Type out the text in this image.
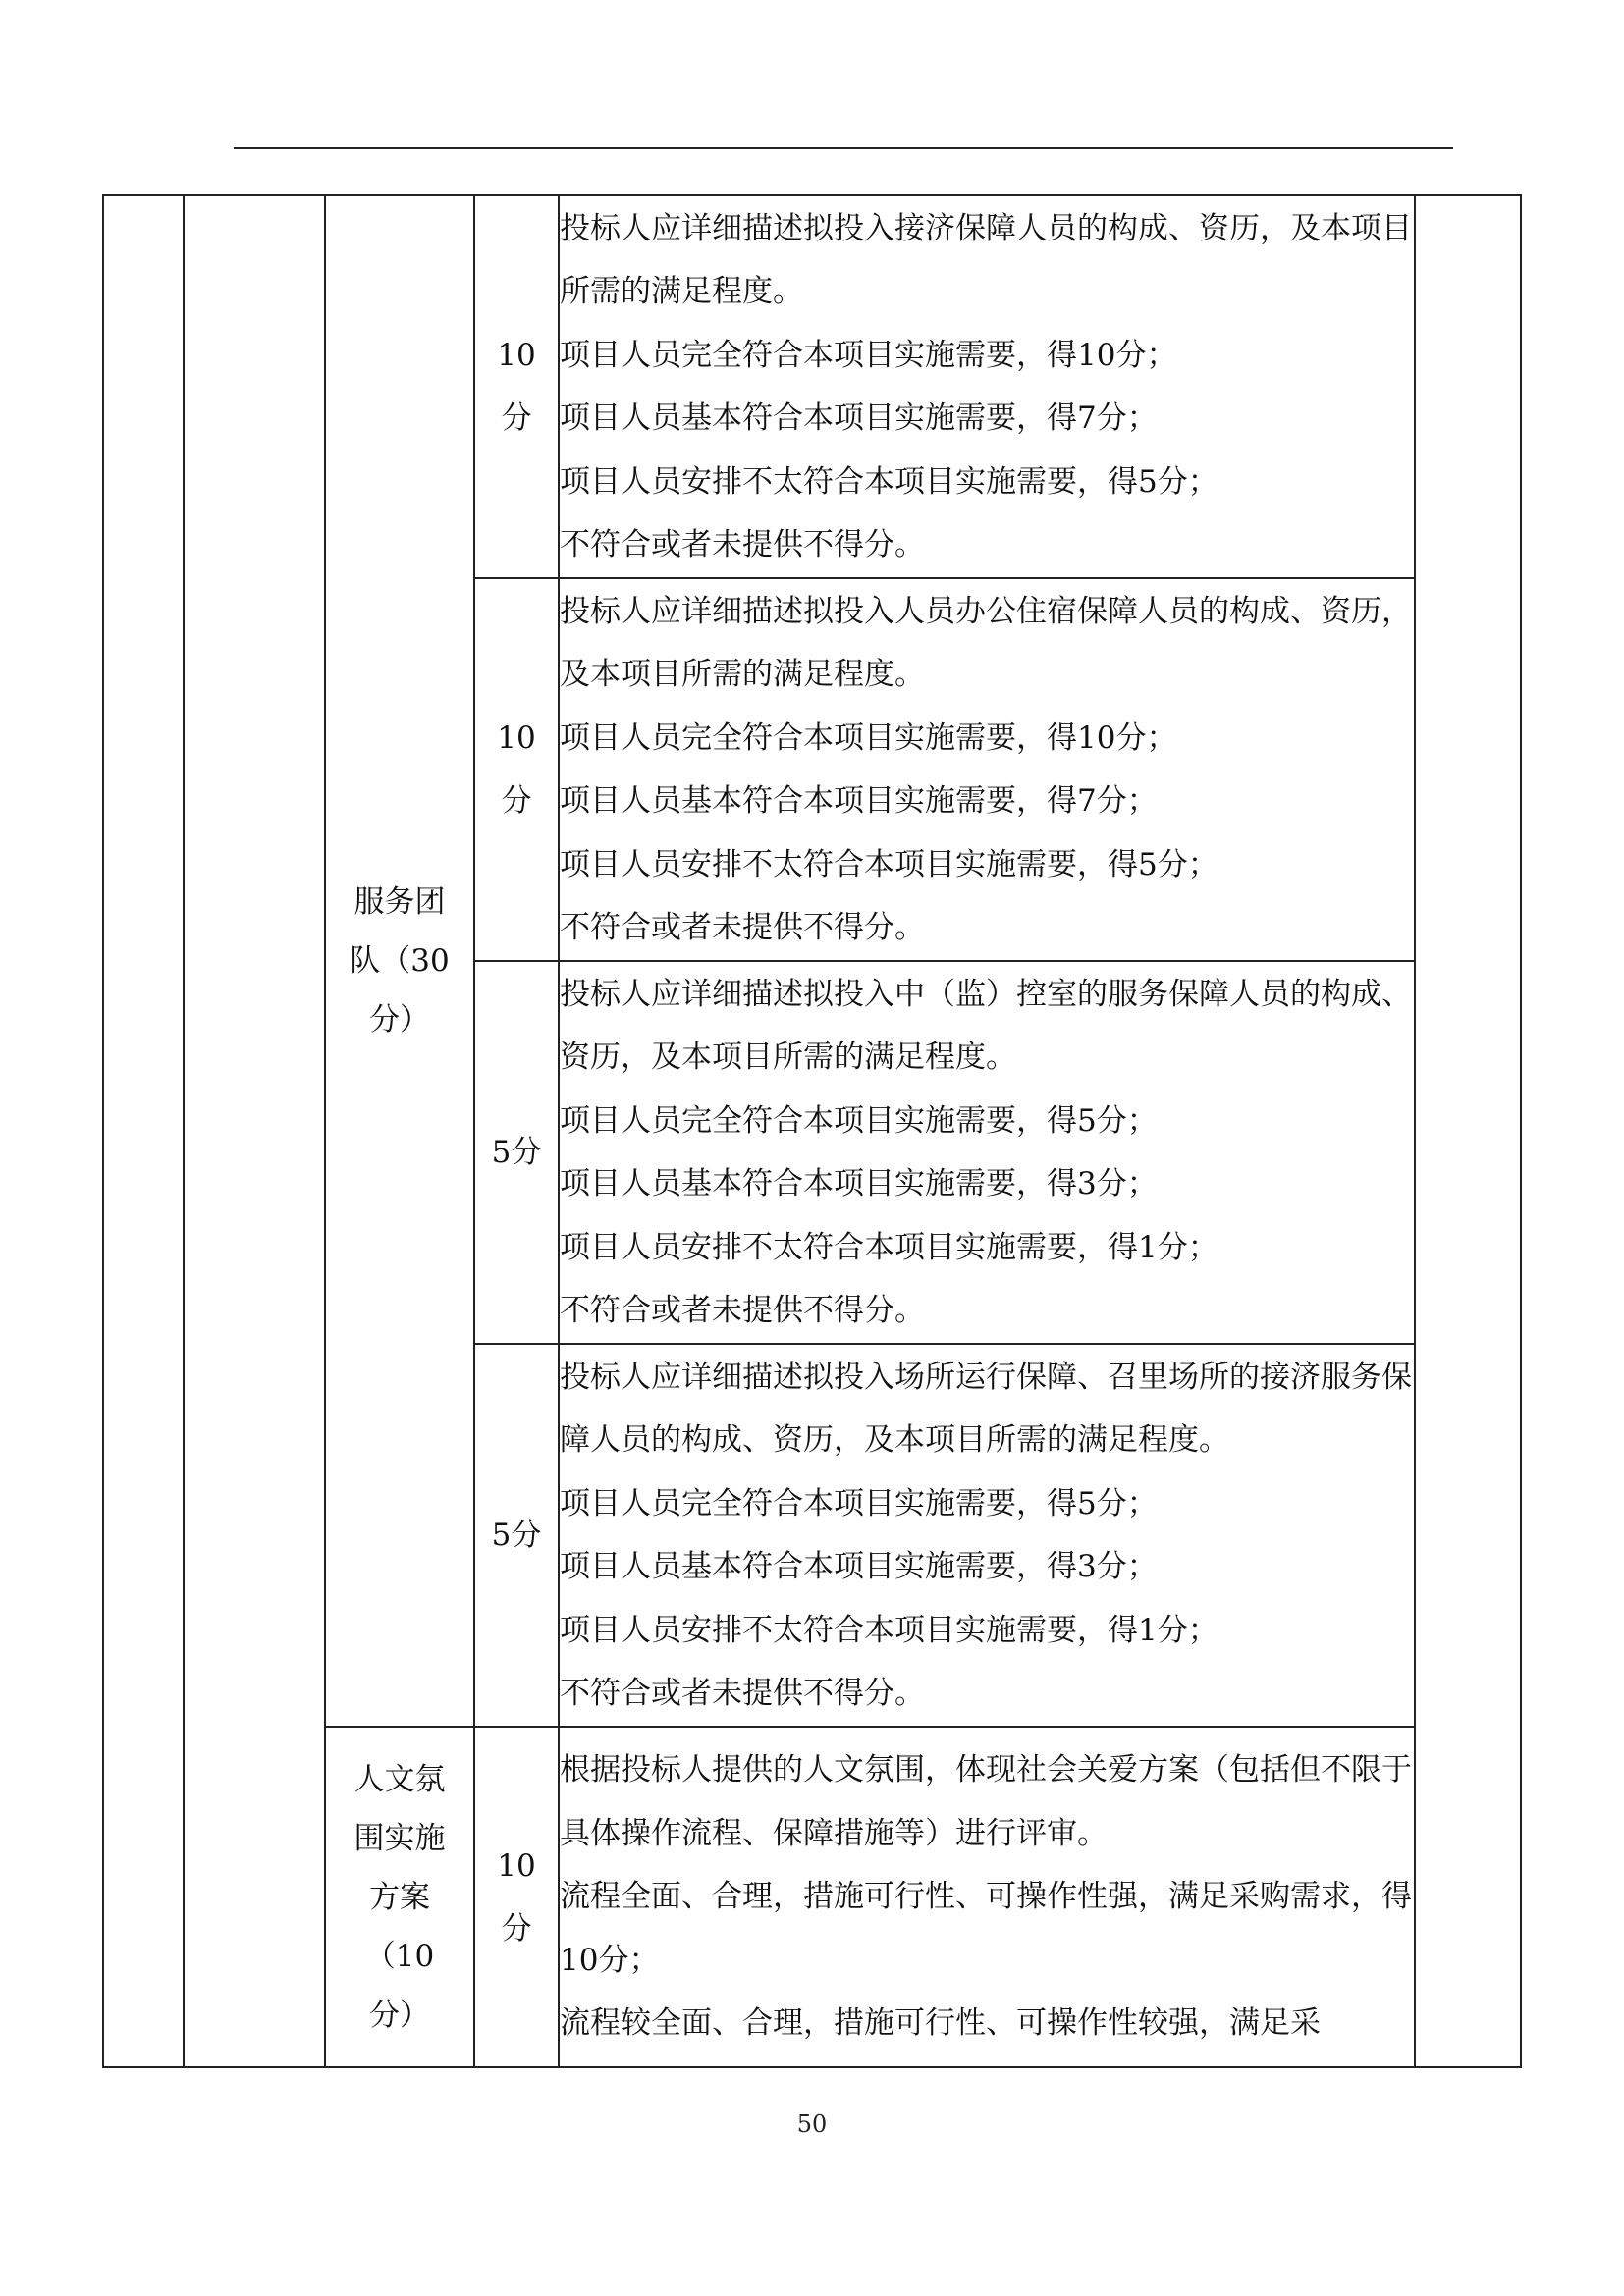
		服务团队（30分）	10分	投标人应详细描述拟投入接济保障人员的构成、资历，及本项目所需的满足程度。

项目人员完全符合本项目实施需要，得10分；

项目人员基本符合本项目实施需要，得7分；

项目人员安排不太符合本项目实施需要，得5分；

不符合或者未提供不得分。	

			10分	投标人应详细描述拟投入人员办公住宿保障人员的构成、资历，及本项目所需的满足程度。

项目人员完全符合本项目实施需要，得10分；

项目人员基本符合本项目实施需要，得7分；

项目人员安排不太符合本项目实施需要，得5分；

不符合或者未提供不得分。	

			5分	投标人应详细描述拟投入中（监）控室的服务保障人员的构成、资历，及本项目所需的满足程度。

项目人员完全符合本项目实施需要，得5分；

项目人员基本符合本项目实施需要，得3分；

项目人员安排不太符合本项目实施需要，得1分；

不符合或者未提供不得分。	

			5分	投标人应详细描述拟投入场所运行保障、召里场所的接济服务保障人员的构成、资历，及本项目所需的满足程度。

项目人员完全符合本项目实施需要，得5分；

项目人员基本符合本项目实施需要，得3分；

项目人员安排不太符合本项目实施需要，得1分；

不符合或者未提供不得分。	

		人文氛围实施方案（10分）	10分	根据投标人提供的人文氛围，体现社会关爱方案（包括但不限于具体操作流程、保障措施等）进行评审。

流程全面、合理，措施可行性、可操作性强，满足采购需求，得10分；

流程较全面、合理，措施可行性、可操作性较强，满足采	

50
